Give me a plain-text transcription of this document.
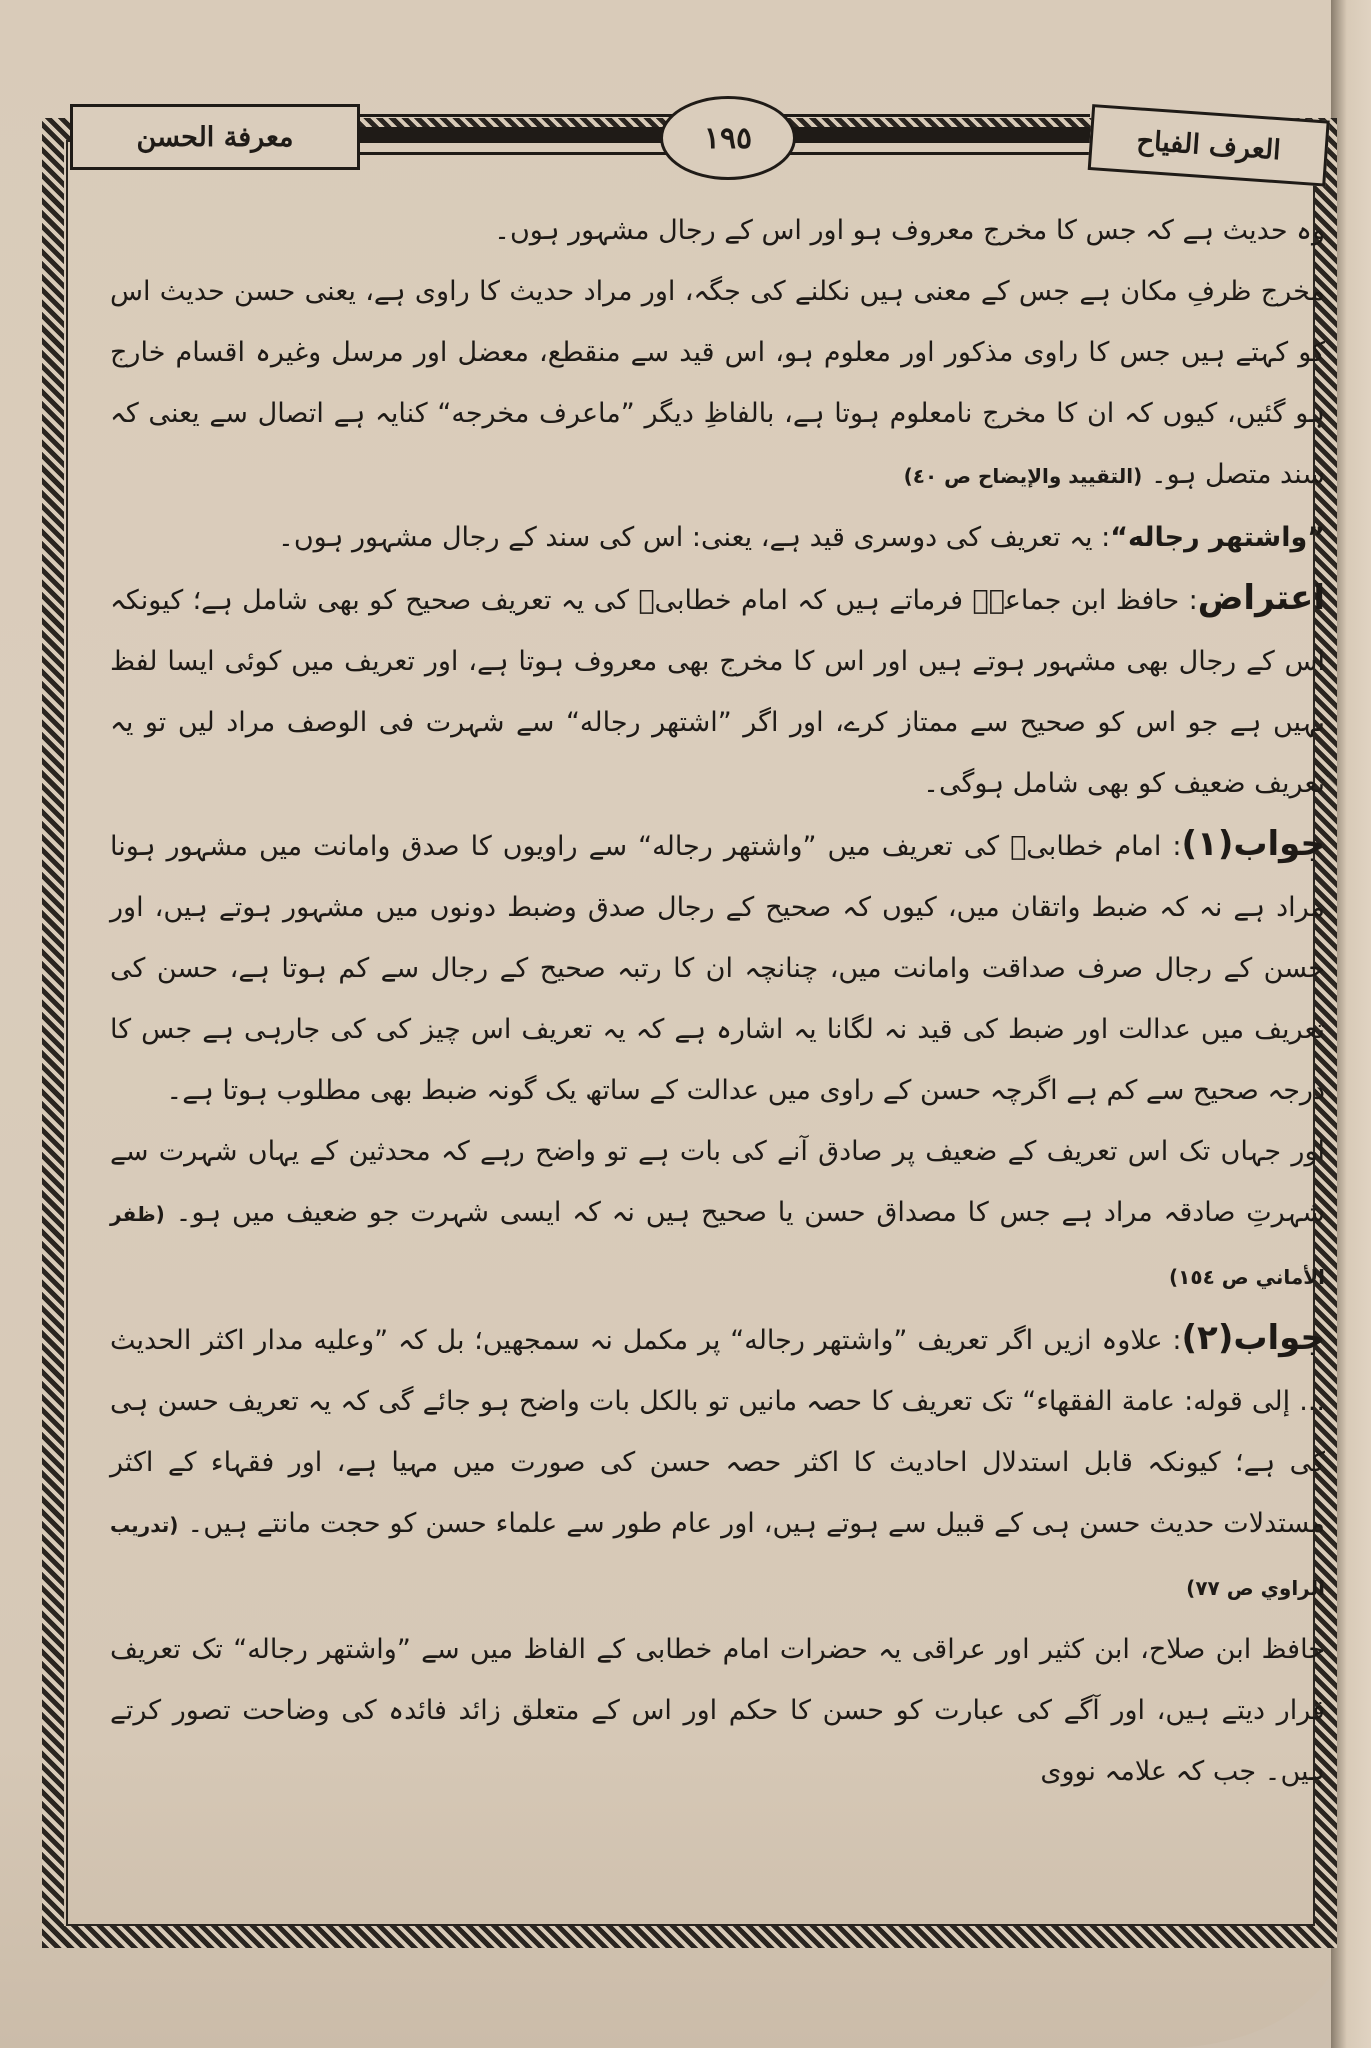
معرفة الحسن	١٩٥	العرف الفياح

وہ حدیث ہے کہ جس کا مخرج معروف ہو اور اس کے رجال مشہور ہوں۔

مخرج ظرفِ مکان ہے جس کے معنی ہیں نکلنے کی جگہ، اور مراد حدیث کا راوی ہے، یعنی حسن حدیث اس کو کہتے ہیں جس کا راوی مذکور اور معلوم ہو، اس قید سے منقطع، معضل اور مرسل وغیرہ اقسام خارج ہو گئیں، کیوں کہ ان کا مخرج نامعلوم ہوتا ہے، بالفاظِ دیگر ”ماعرف مخرجه“ کنایہ ہے اتصال سے یعنی کہ سند متصل ہو۔ (التقييد والإيضاح ص ٤٠)

”واشتهر رجاله“: یہ تعریف کی دوسری قید ہے، یعنی: اس کی سند کے رجال مشہور ہوں۔

اعتراض: حافظ ابن جماعہؒ فرماتے ہیں کہ امام خطابیؒ کی یہ تعریف صحیح کو بھی شامل ہے؛ کیونکہ اس کے رجال بھی مشہور ہوتے ہیں اور اس کا مخرج بھی معروف ہوتا ہے، اور تعریف میں کوئی ایسا لفظ نہیں ہے جو اس کو صحیح سے ممتاز کرے، اور اگر ”اشتهر رجاله“ سے شہرت فی الوصف مراد لیں تو یہ تعریف ضعیف کو بھی شامل ہوگی۔

جواب(۱): امام خطابیؒ کی تعریف میں ”واشتهر رجاله“ سے راویوں کا صدق وامانت میں مشہور ہونا مراد ہے نہ کہ ضبط واتقان میں، کیوں کہ صحیح کے رجال صدق وضبط دونوں میں مشہور ہوتے ہیں، اور حسن کے رجال صرف صداقت وامانت میں، چنانچہ ان کا رتبہ صحیح کے رجال سے کم ہوتا ہے، حسن کی تعریف میں عدالت اور ضبط کی قید نہ لگانا یہ اشارہ ہے کہ یہ تعریف اس چیز کی کی جارہی ہے جس کا درجہ صحیح سے کم ہے اگرچہ حسن کے راوی میں عدالت کے ساتھ یک گونہ ضبط بھی مطلوب ہوتا ہے۔

اور جہاں تک اس تعریف کے ضعیف پر صادق آنے کی بات ہے تو واضح رہے کہ محدثین کے یہاں شہرت سے شہرتِ صادقہ مراد ہے جس کا مصداق حسن یا صحیح ہیں نہ کہ ایسی شہرت جو ضعیف میں ہو۔ (ظفر الأماني ص ١٥٤)

جواب(۲): علاوہ ازیں اگر تعریف ”واشتهر رجاله“ پر مکمل نہ سمجھیں؛ بل کہ ”وعليه مدار اكثر الحديث ... إلى قوله: عامة الفقهاء“ تک تعریف کا حصہ مانیں تو بالکل بات واضح ہو جائے گی کہ یہ تعریف حسن ہی کی ہے؛ کیونکہ قابل استدلال احادیث کا اکثر حصہ حسن کی صورت میں مہیا ہے، اور فقہاء کے اکثر مستدلات حدیث حسن ہی کے قبیل سے ہوتے ہیں، اور عام طور سے علماء حسن کو حجت مانتے ہیں۔ (تدريب الراوي ص ٧٧)

حافظ ابن صلاح، ابن کثیر اور عراقی یہ حضرات امام خطابی کے الفاظ میں سے ”واشتهر رجاله“ تک تعریف قرار دیتے ہیں، اور آگے کی عبارت کو حسن کا حکم اور اس کے متعلق زائد فائدہ کی وضاحت تصور کرتے ہیں۔ جب کہ علامہ نووی
